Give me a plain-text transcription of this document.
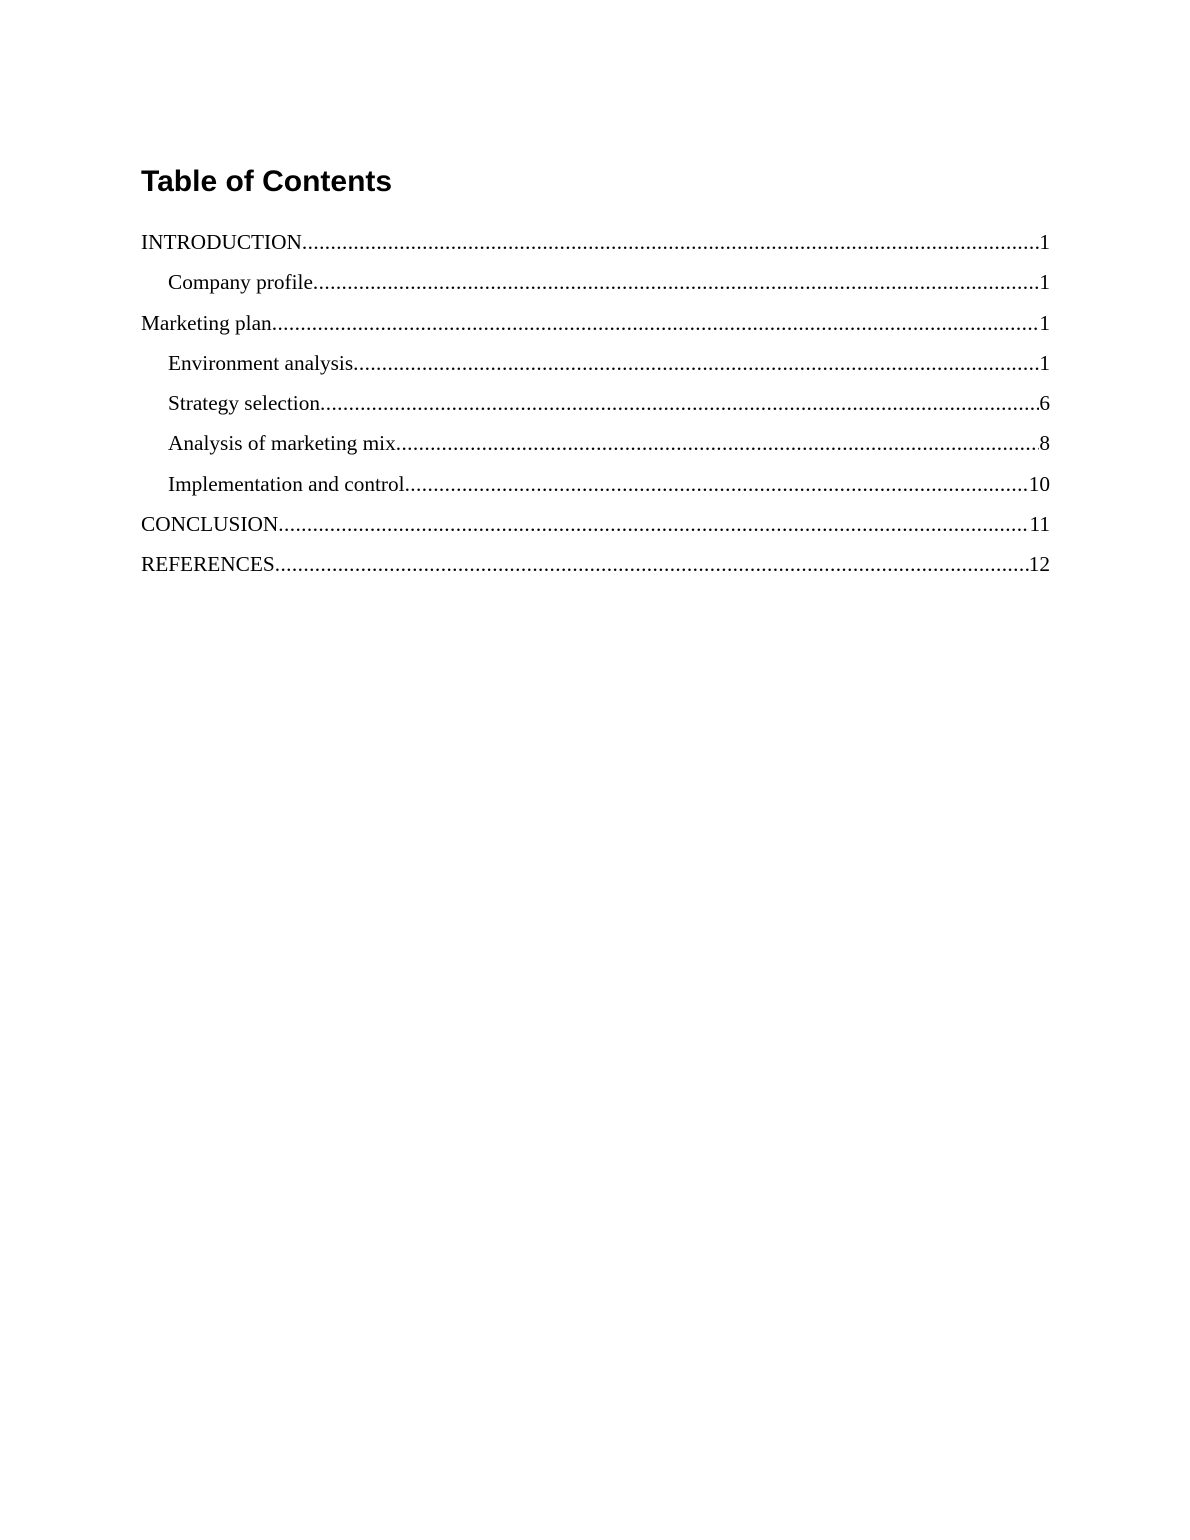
Table of Contents
INTRODUCTION .....	1
Company profile .....	1
Marketing plan .....	1
Environment analysis .....	1
Strategy selection .....	6
Analysis of marketing mix .....	8
Implementation and control .....	10
CONCLUSION .....	11
REFERENCES .....	12
